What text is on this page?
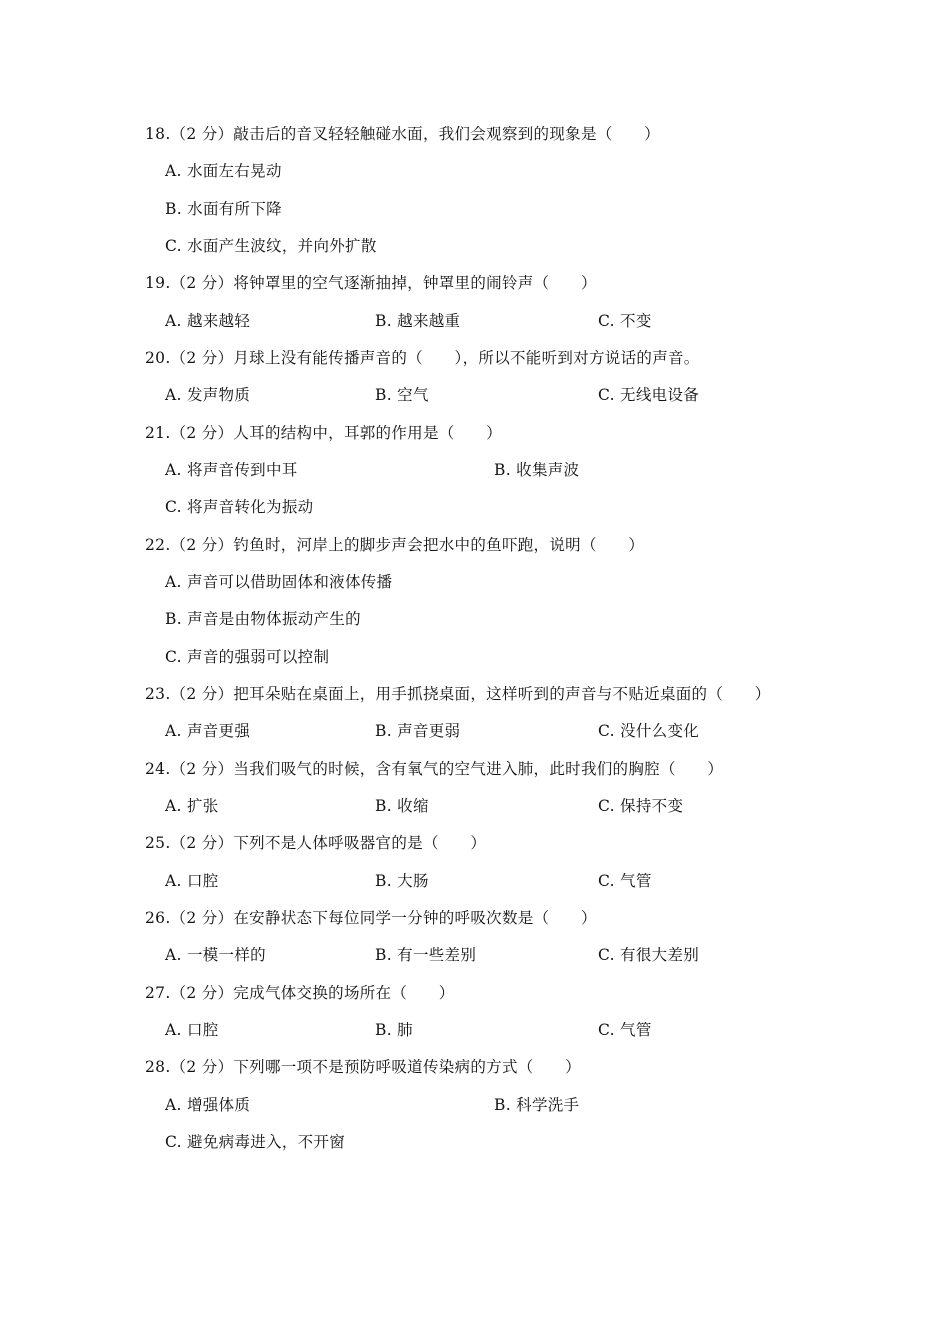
18.（2 分）敲击后的音叉轻轻触碰水面，我们会观察到的现象是（　　）
A. 水面左右晃动
B. 水面有所下降
C. 水面产生波纹，并向外扩散
19.（2 分）将钟罩里的空气逐渐抽掉，钟罩里的闹铃声（　　）
A. 越来越轻	B. 越来越重	C. 不变
20.（2 分）月球上没有能传播声音的（　　），所以不能听到对方说话的声音。
A. 发声物质	B. 空气	C. 无线电设备
21.（2 分）人耳的结构中，耳郭的作用是（　　）
A. 将声音传到中耳	B. 收集声波
C. 将声音转化为振动
22.（2 分）钓鱼时，河岸上的脚步声会把水中的鱼吓跑，说明（　　）
A. 声音可以借助固体和液体传播
B. 声音是由物体振动产生的
C. 声音的强弱可以控制
23.（2 分）把耳朵贴在桌面上，用手抓挠桌面，这样听到的声音与不贴近桌面的（　　）
A. 声音更强	B. 声音更弱	C. 没什么变化
24.（2 分）当我们吸气的时候，含有氧气的空气进入肺，此时我们的胸腔（　　）
A. 扩张	B. 收缩	C. 保持不变
25.（2 分）下列不是人体呼吸器官的是（　　）
A. 口腔	B. 大肠	C. 气管
26.（2 分）在安静状态下每位同学一分钟的呼吸次数是（　　）
A. 一模一样的	B. 有一些差别	C. 有很大差别
27.（2 分）完成气体交换的场所在（　　）
A. 口腔	B. 肺	C. 气管
28.（2 分）下列哪一项不是预防呼吸道传染病的方式（　　）
A. 增强体质	B. 科学洗手
C. 避免病毒进入，不开窗
